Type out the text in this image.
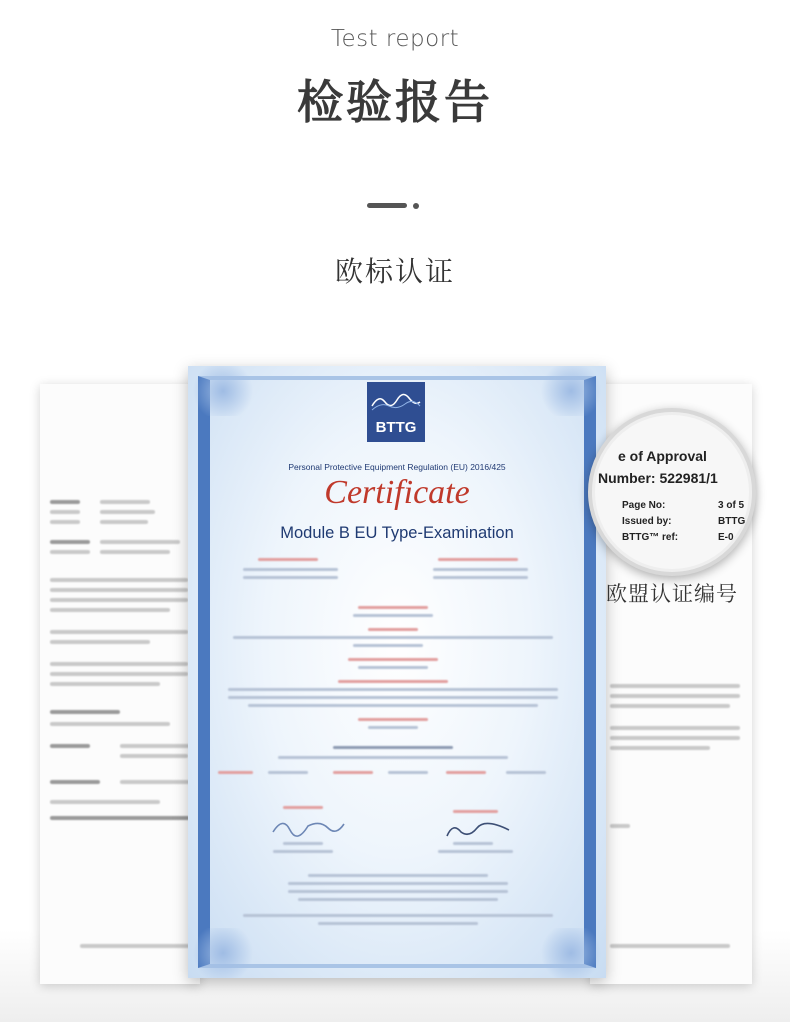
Test report
检验报告
欧标认证
BTTG
Personal Protective Equipment Regulation (EU) 2016/425
Certificate
Module B EU Type-Examination
e of Approval
Number: 522981/1
Page No:	3 of 5
Issued by:	BTTG
BTTG™ ref:	E-0
欧盟认证编号
